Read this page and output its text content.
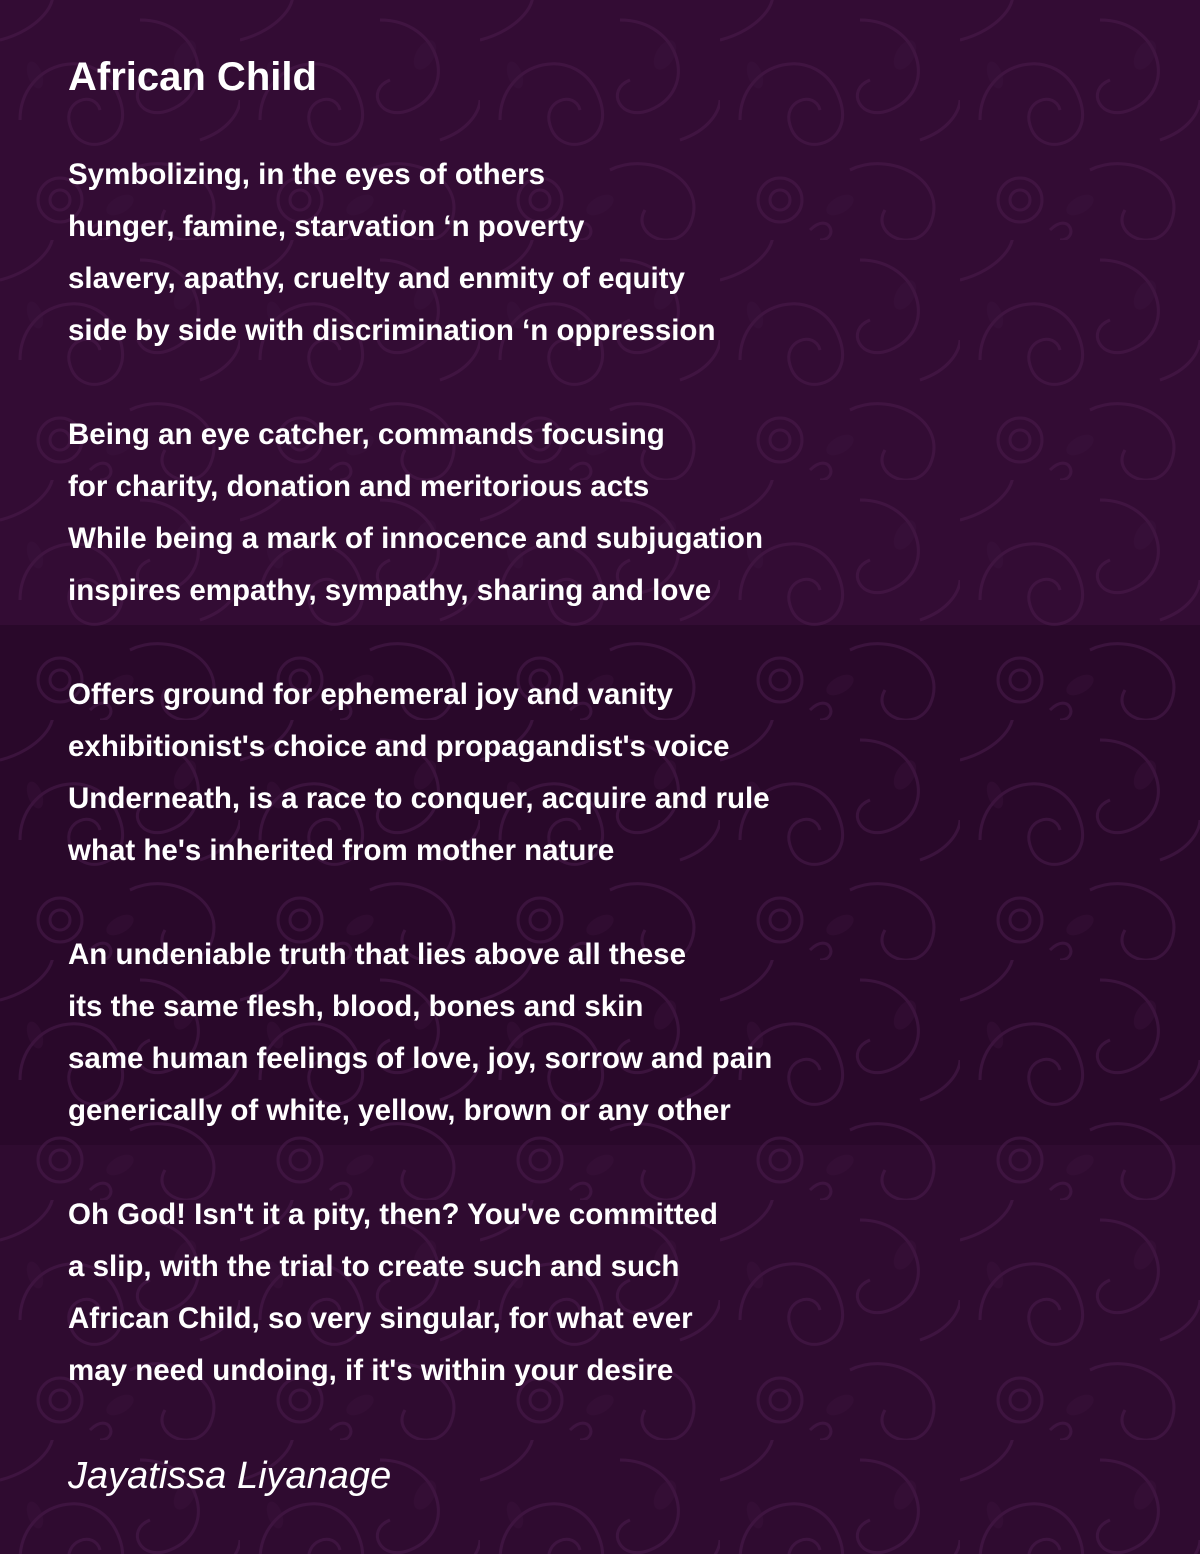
African Child
Symbolizing, in the eyes of others
hunger, famine, starvation ‘n poverty
slavery, apathy, cruelty and enmity of equity
side by side with discrimination ‘n oppression
Being an eye catcher, commands focusing
for charity, donation and meritorious acts
While being a mark of innocence and subjugation
inspires empathy, sympathy, sharing and love
Offers ground for ephemeral joy and vanity
exhibitionist's choice and propagandist's voice
Underneath, is a race to conquer, acquire and rule
what he's inherited from mother nature
An undeniable truth that lies above all these
its the same flesh, blood, bones and skin
same human feelings of love, joy, sorrow and pain
generically of white, yellow, brown or any other
Oh God! Isn't it a pity, then? You've committed
a slip, with the trial to create such and such
African Child, so very singular, for what ever
may need undoing, if it's within your desire
Jayatissa Liyanage
